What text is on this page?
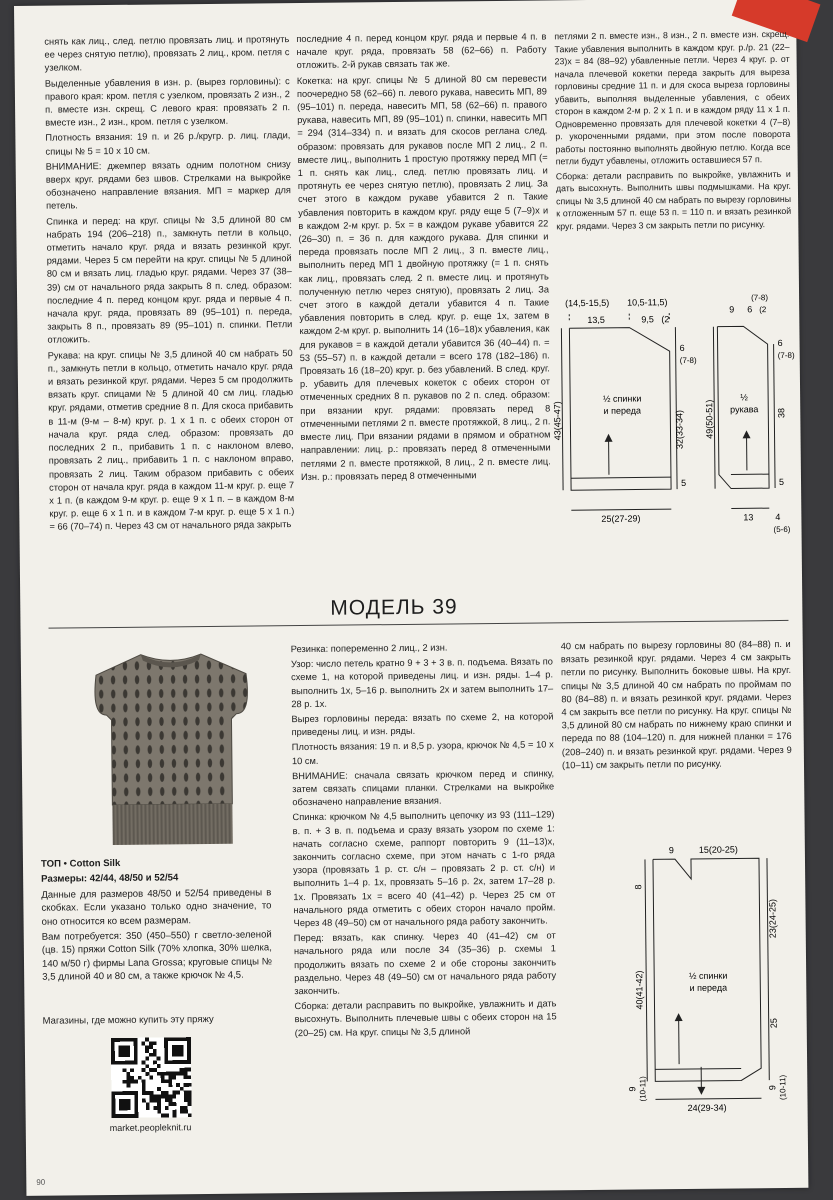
снять как лиц., след. петлю провязать лиц. и протянуть ее через снятую петлю), провязать 2 лиц., кром. петля с узелком.

Выделенные убавления в изн. р. (вырез горловины): с правого края: кром. петля с узелком, провязать 2 изн., 2 п. вместе изн. скрещ. С левого края: провязать 2 п. вместе изн., 2 изн., кром. петля с узелком.

Плотность вязания: 19 п. и 26 р./кругр. р. лиц. глади, спицы № 5 = 10 х 10 см.

ВНИМАНИЕ: джемпер вязать одним полотном снизу вверх круг. рядами без швов. Стрелками на выкройке обозначено направление вязания. МП = маркер для петель.

Спинка и перед: на круг. спицы № 3,5 длиной 80 см набрать 194 (206–218) п., замкнуть петли в кольцо, отметить начало круг. ряда и вязать резинкой круг. рядами. Через 5 см перейти на круг. спицы № 5 длиной 80 см и вязать лиц. гладью круг. рядами. Через 37 (38–39) см от начального ряда закрыть 8 п. след. образом: последние 4 п. перед концом круг. ряда и первые 4 п. начала круг. ряда, провязать 89 (95–101) п. переда, закрыть 8 п., провязать 89 (95–101) п. спинки. Петли отложить.

Рукава: на круг. спицы № 3,5 длиной 40 см набрать 50 п., замкнуть петли в кольцо, отметить начало круг. ряда и вязать резинкой круг. рядами. Через 5 см продолжить вязать круг. спицами № 5 длиной 40 см лиц. гладью круг. рядами, отметив средние 8 п. Для скоса прибавить в 11-м (9-м – 8-м) круг. р. 1 х 1 п. с обеих сторон от начала круг. ряда след. образом: провязать до последних 2 п., прибавить 1 п. с наклоном влево, провязать 2 лиц., прибавить 1 п. с наклоном вправо, провязать 2 лиц. Таким образом прибавить с обеих сторон от начала круг. ряда в каждом 11-м круг. р. еще 7 х 1 п. (в каждом 9-м круг. р. еще 9 х 1 п. – в каждом 8-м круг. р. еще 6 х 1 п. и в каждом 7-м круг. р. еще 5 х 1 п.) = 66 (70–74) п. Через 43 см от начального ряда закрыть

последние 4 п. перед концом круг. ряда и первые 4 п. в начале круг. ряда, провязать 58 (62–66) п. Работу отложить. 2-й рукав связать так же.

Кокетка: на круг. спицы № 5 длиной 80 см перевести поочередно 58 (62–66) п. левого рукава, навесить МП, 89 (95–101) п. переда, навесить МП, 58 (62–66) п. правого рукава, навесить МП, 89 (95–101) п. спинки, навесить МП = 294 (314–334) п. и вязать для скосов реглана след. образом: провязать для рукавов после МП 2 лиц., 2 п. вместе лиц., выполнить 1 простую протяжку перед МП (= 1 п. снять как лиц., след. петлю провязать лиц. и протянуть ее через снятую петлю), провязать 2 лиц. За счет этого в каждом рукаве убавится 2 п. Такие убавления повторить в каждом круг. ряду еще 5 (7–9)х и в каждом 2-м круг. р. 5х = в каждом рукаве убавится 22 (26–30) п. = 36 п. для каждого рукава. Для спинки и переда провязать после МП 2 лиц., 3 п. вместе лиц., выполнить перед МП 1 двойную протяжку (= 1 п. снять как лиц., провязать след. 2 п. вместе лиц. и протянуть полученную петлю через снятую), провязать 2 лиц. За счет этого в каждой детали убавится 4 п. Такие убавления повторить в след. круг. р. еще 1х, затем в каждом 2-м круг. р. выполнить 14 (16–18)х убавления, как для рукавов = в каждой детали убавится 36 (40–44) п. = 53 (55–57) п. в каждой детали = всего 178 (182–186) п. Провязать 16 (18–20) круг. р. без убавлений. В след. круг. р. убавить для плечевых кокеток с обеих сторон от отмеченных средних 8 п. рукавов по 2 п. след. образом: при вязании круг. рядами: провязать перед 8 отмеченными петлями 2 п. вместе протяжкой, 8 лиц., 2 п. вместе лиц. При вязании рядами в прямом и обратном направлении: лиц. р.: провязать перед 8 отмеченными петлями 2 п. вместе протяжкой, 8 лиц., 2 п. вместе лиц. Изн. р.: провязать перед 8 отмеченными

петлями 2 п. вместе изн., 8 изн., 2 п. вместе изн. скрещ. Такие убавления выполнить в каждом круг. р./р. 21 (22–23)х = 84 (88–92) убавленные петли. Через 4 круг. р. от начала плечевой кокетки переда закрыть для выреза горловины средние 11 п. и для скоса выреза горловины убавить, выполняя выделенные убавления, с обеих сторон в каждом 2-м р. 2 х 1 п. и в каждом ряду 11 х 1 п. Одновременно провязать для плечевой кокетки 4 (7–8) р. укороченными рядами, при этом после поворота работы постоянно выполнять двойную петлю. Когда все петли будут убавлены, отложить оставшиеся 57 п.

Сборка: детали расправить по выкройке, увлажнить и дать высохнуть. Выполнить швы подмышками. На круг. спицы № 3,5 длиной 40 см набрать по вырезу горловины к отложенным 57 п. еще 53 п. = 110 п. и вязать резинкой круг. рядами. Через 3 см закрыть петли по рисунку.

(14,5-15,5) 10,5-11,5)
13,5	9,5 (2
6
(7-8)
43(45-47)	32(33-34)
5
25(27-29)
½ спинки
и переда
9 6
(7-8)
(2
6
(7-8)
49(50-51)	38
5
13 4
(5-6)
½
рукава
МОДЕЛЬ 39

ТОП • Cotton Silk

Размеры: 42/44, 48/50 и 52/54

Данные для размеров 48/50 и 52/54 приведены в скобках. Если указано только одно значение, то оно относится ко всем размерам.

Вам потребуется: 350 (450–550) г светло-зеленой (цв. 15) пряжи Cotton Silk (70% хлопка, 30% шелка, 140 м/50 г) фирмы Lana Grossa; круговые спицы № 3,5 длиной 40 и 80 см, а также крючок № 4,5.

Магазины, где можно купить эту пряжу
market.peopleknit.ru

Резинка: попеременно 2 лиц., 2 изн.

Узор: число петель кратно 9 + 3 + 3 в. п. подъема. Вязать по схеме 1, на которой приведены лиц. и изн. ряды. 1–4 р. выполнить 1х, 5–16 р. выполнить 2х и затем выполнить 17–28 р. 1х.

Вырез горловины переда: вязать по схеме 2, на которой приведены лиц. и изн. ряды.

Плотность вязания: 19 п. и 8,5 р. узора, крючок № 4,5 = 10 х 10 см.

ВНИМАНИЕ: сначала связать крючком перед и спинку, затем связать спицами планки. Стрелками на выкройке обозначено направление вязания.

Спинка: крючком № 4,5 выполнить цепочку из 93 (111–129) в. п. + 3 в. п. подъема и сразу вязать узором по схеме 1: начать согласно схеме, раппорт повторить 9 (11–13)х, закончить согласно схеме, при этом начать с 1-го ряда узора (провязать 1 р. ст. с/н – провязать 2 р. ст. с/н) и выполнить 1–4 р. 1х, провязать 5–16 р. 2х, затем 17–28 р. 1х. Провязать 1х = всего 40 (41–42) р. Через 25 см от начального ряда отметить с обеих сторон начало пройм. Через 48 (49–50) см от начального ряда работу закончить.

Перед: вязать, как спинку. Через 40 (41–42) см от начального ряда или после 34 (35–36) р. схемы 1 продолжить вязать по схеме 2 и обе стороны закончить раздельно. Через 48 (49–50) см от начального ряда работу закончить.

Сборка: детали расправить по выкройке, увлажнить и дать высохнуть. Выполнить плечевые швы с обеих сторон на 15 (20–25) см. На круг. спицы № 3,5 длиной

40 см набрать по вырезу горловины 80 (84–88) п. и вязать резинкой круг. рядами. Через 4 см закрыть петли по рисунку. Выполнить боковые швы. На круг. спицы № 3,5 длиной 40 см набрать по проймам по 80 (84–88) п. и вязать резинкой круг. рядами. Через 4 см закрыть все петли по рисунку. На круг. спицы № 3,5 длиной 80 см набрать по нижнему краю спинки и переда по 88 (104–120) п. для нижней планки = 176 (208–240) п. и вязать резинкой круг. рядами. Через 9 (10–11) см закрыть петли по рисунку.

9	15(20-25)
8
40(41-42)
23(24-25)
25
9 (10-11)	9 (10-11)
24(29-34)
½ спинки
и переда
90
